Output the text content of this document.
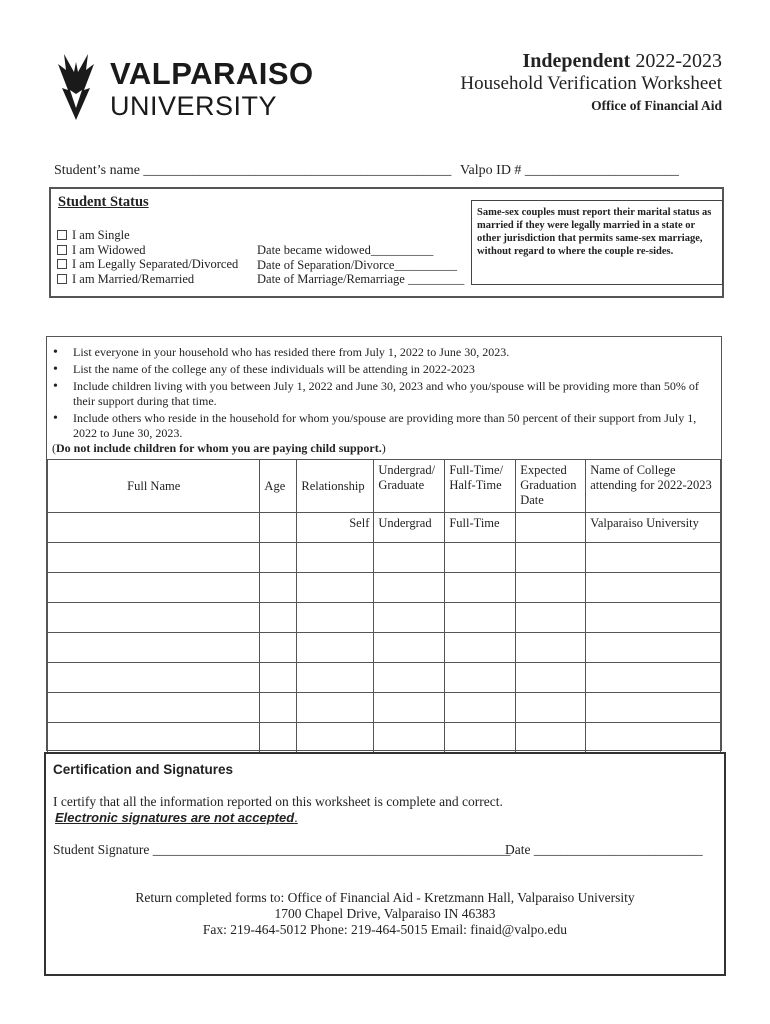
VALPARAISO
UNIVERSITY
Independent 2022-2023
Household Verification Worksheet
Office of Financial Aid
Student’s name ____________________________________________ Valpo ID # ______________________
Student Status
I am Single
I am Widowed
I am Legally Separated/Divorced
I am Married/Remarried
Date became widowed__________
Date of Separation/Divorce__________
Date of Marriage/Remarriage _________
Same-sex couples must report their marital status as married if they were legally married in a state or other jurisdiction that permits same-sex marriage, without regard to where the couple re-sides.
• List everyone in your household who has resided there from July 1, 2022 to June 30, 2023.
• List the name of the college any of these individuals will be attending in 2022-2023
• Include children living with you between July 1, 2022 and June 30, 2023 and who you/spouse will be providing more than 50% of their support during that time.
• Include others who reside in the household for whom you/spouse are providing more than 50 percent of their support from July 1, 2022 to June 30, 2023.
(Do not include children for whom you are paying child support.)
Full Name	Age	Relationship	Undergrad/ Graduate	Full-Time/ Half-Time	Expected Graduation Date	Name of College attending for 2022-2023
		Self	Undergrad	Full-Time		Valparaiso University

Certification and Signatures
I certify that all the information reported on this worksheet is complete and correct.
Electronic signatures are not accepted.
Student Signature _____________________________________________________
Date _________________________
Return completed forms to: Office of Financial Aid - Kretzmann Hall, Valparaiso University
1700 Chapel Drive, Valparaiso IN 46383
Fax: 219-464-5012 Phone: 219-464-5015 Email: finaid@valpo.edu
